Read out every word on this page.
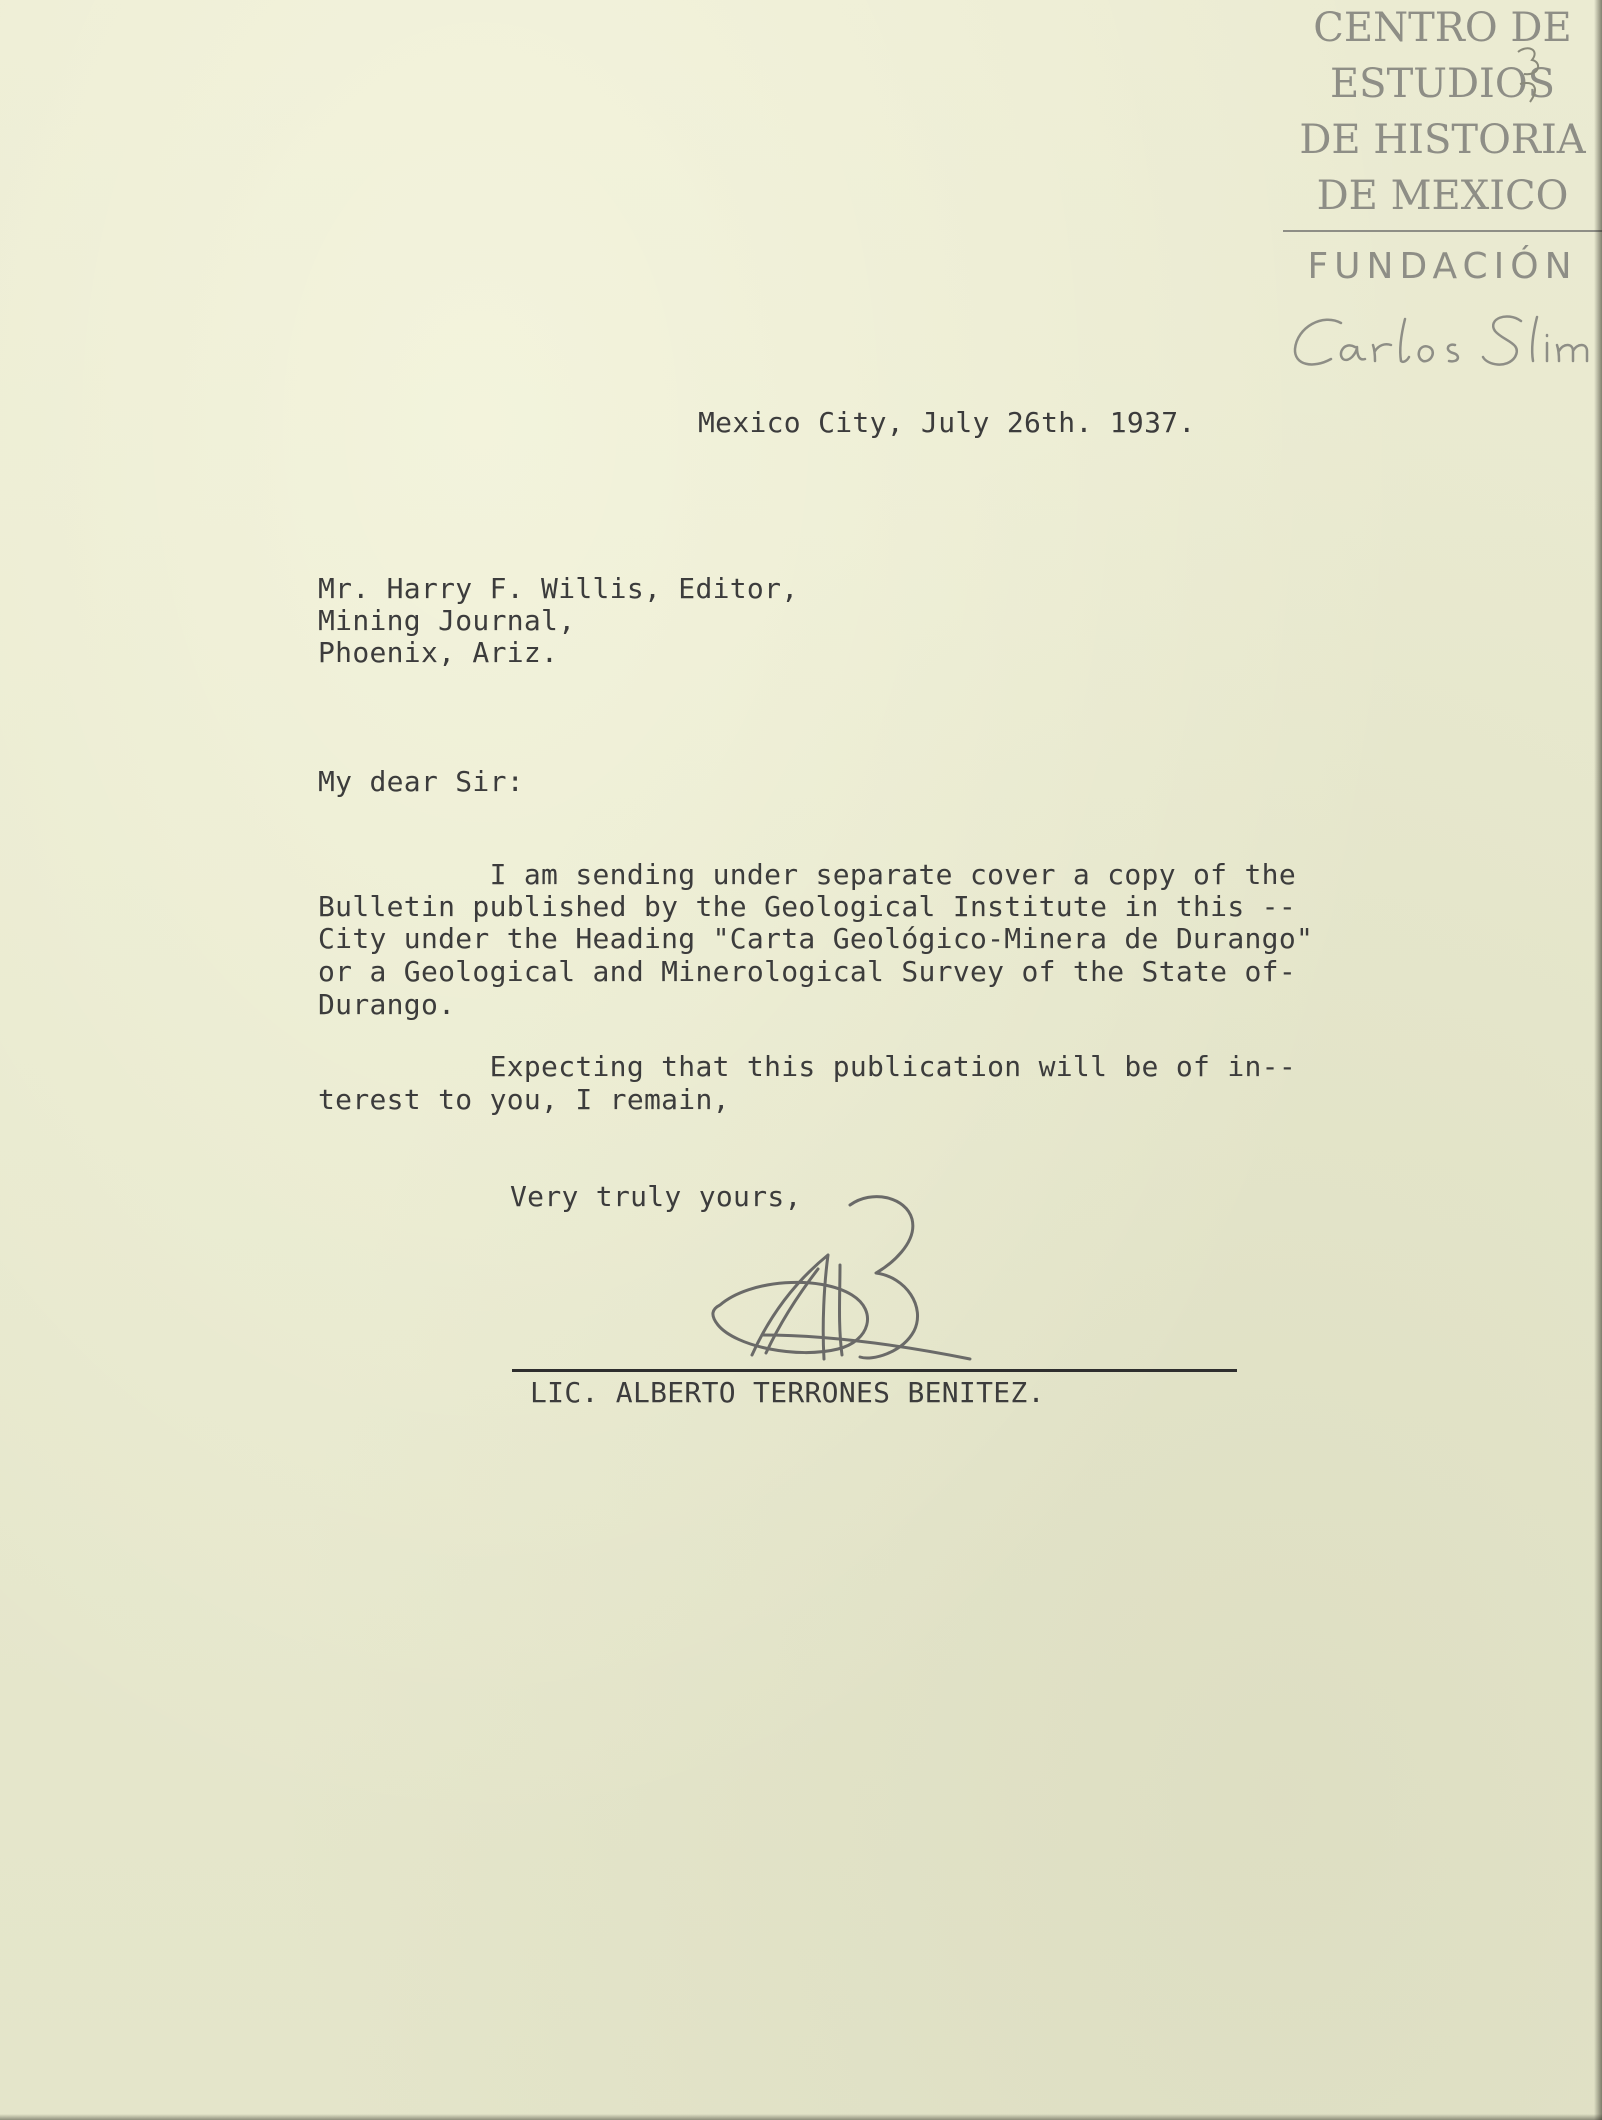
CENTRO DE
ESTUDIOS
DE HISTORIA
DE MEXICO
FUNDACIÓN
Mexico City, July 26th. 1937.
Mr. Harry F. Willis, Editor,
Mining Journal,
Phoenix, Ariz.
My dear Sir:
I am sending under separate cover a copy of the
Bulletin published by the Geological Institute in this --
City under the Heading "Carta Geológico-Minera de Durango"
or a Geological and Minerological Survey of the State of-
Durango.
Expecting that this publication will be of in--
terest to you, I remain,
Very truly yours,
LIC. ALBERTO TERRONES BENITEZ.
